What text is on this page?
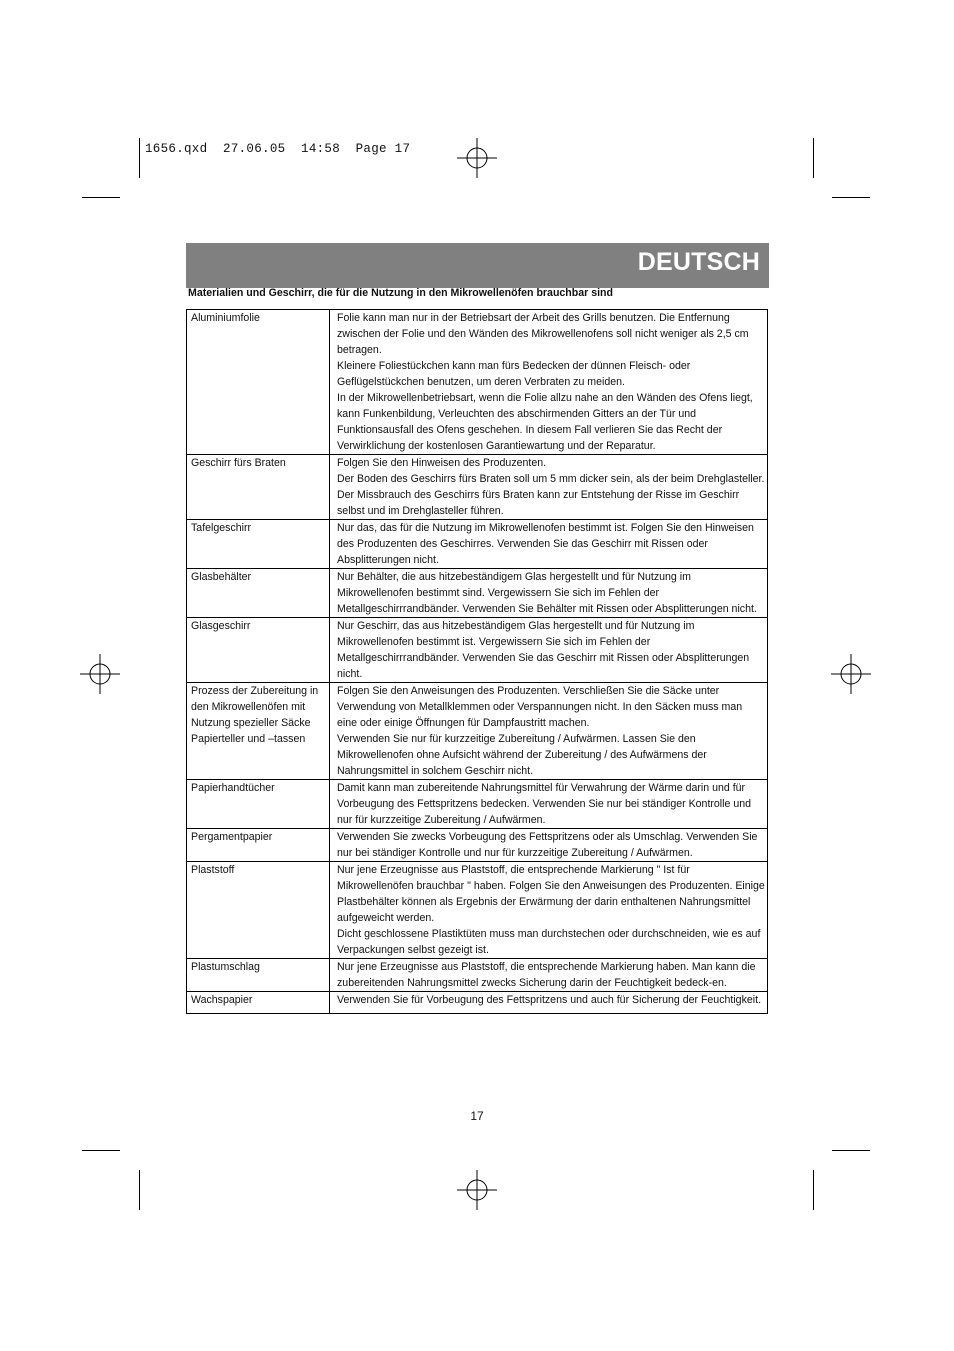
1656.qxd  27.06.05  14:58  Page 17
DEUTSCH
Materialien und Geschirr, die für die Nutzung in den Mikrowellenöfen brauchbar sind
Aluminiumfolie	Folie kann man nur in der Betriebsart der Arbeit des Grills benutzen. Die Entfernung zwischen der Folie und den Wänden des Mikrowellenofens soll nicht weniger als 2,5 cm betragen.
Kleinere Foliestückchen kann man fürs Bedecken der dünnen Fleisch- oder Geflügelstückchen benutzen, um deren Verbraten zu meiden.
In der Mikrowellenbetriebsart, wenn die Folie allzu nahe an den Wänden des Ofens liegt, kann Funkenbildung, Verleuchten des abschirmenden Gitters an der Tür und Funktionsausfall des Ofens geschehen. In diesem Fall verlieren Sie das Recht der Verwirklichung der kostenlosen Garantiewartung und der Reparatur.
Geschirr fürs Braten	Folgen Sie den Hinweisen des Produzenten.
Der Boden des Geschirrs fürs Braten soll um 5 mm dicker sein, als der beim Drehglasteller. Der Missbrauch des Geschirrs fürs Braten kann zur Entstehung der Risse im Geschirr selbst und im Drehglasteller führen.
Tafelgeschirr	Nur das, das für die Nutzung im Mikrowellenofen bestimmt ist. Folgen Sie den Hinweisen des Produzenten des Geschirres. Verwenden Sie das Geschirr mit Rissen oder Absplitterungen nicht.
Glasbehälter	Nur Behälter, die aus hitzebeständigem Glas hergestellt und für Nutzung im Mikrowellenofen bestimmt sind. Vergewissern Sie sich im Fehlen der Metallgeschirrrandbänder. Verwenden Sie Behälter mit Rissen oder Absplitterungen nicht.
Glasgeschirr	Nur Geschirr, das aus hitzebeständigem Glas hergestellt und für Nutzung im Mikrowellenofen bestimmt ist. Vergewissern Sie sich im Fehlen der Metallgeschirrrandbänder. Verwenden Sie das Geschirr mit Rissen oder Absplitterungen nicht.
Prozess der Zubereitung in den Mikrowellenöfen mit Nutzung spezieller Säcke Papierteller und –tassen	Folgen Sie den Anweisungen des Produzenten. Verschließen Sie die Säcke unter Verwendung von Metallklemmen oder Verspannungen nicht. In den Säcken muss man eine oder einige Öffnungen für Dampfaustritt machen.
Verwenden Sie nur für kurzzeitige Zubereitung / Aufwärmen. Lassen Sie den Mikrowellenofen ohne Aufsicht während der Zubereitung / des Aufwärmens der Nahrungsmittel in solchem Geschirr nicht.
Papierhandtücher	Damit kann man zubereitende Nahrungsmittel für Verwahrung der Wärme darin und für Vorbeugung des Fettspritzens bedecken. Verwenden Sie nur bei ständiger Kontrolle und nur für kurzzeitige Zubereitung / Aufwärmen.
Pergamentpapier	Verwenden Sie zwecks Vorbeugung des Fettspritzens oder als Umschlag. Verwenden Sie nur bei ständiger Kontrolle und nur für kurzzeitige Zubereitung / Aufwärmen.
Plaststoff	Nur jene Erzeugnisse aus Plaststoff, die entsprechende Markierung " Ist für Mikrowellenöfen brauchbar " haben. Folgen Sie den Anweisungen des Produzenten. Einige Plastbehälter können als Ergebnis der Erwärmung der darin enthaltenen Nahrungsmittel aufgeweicht werden.
Dicht geschlossene Plastiktüten muss man durchstechen oder durchschneiden, wie es auf Verpackungen selbst gezeigt ist.
Plastumschlag	Nur jene Erzeugnisse aus Plaststoff, die entsprechende Markierung haben. Man kann die zubereitenden Nahrungsmittel zwecks Sicherung darin der Feuchtigkeit bedeck-en.
Wachspapier	Verwenden Sie für Vorbeugung des Fettspritzens und auch für Sicherung der Feuchtigkeit.
17
